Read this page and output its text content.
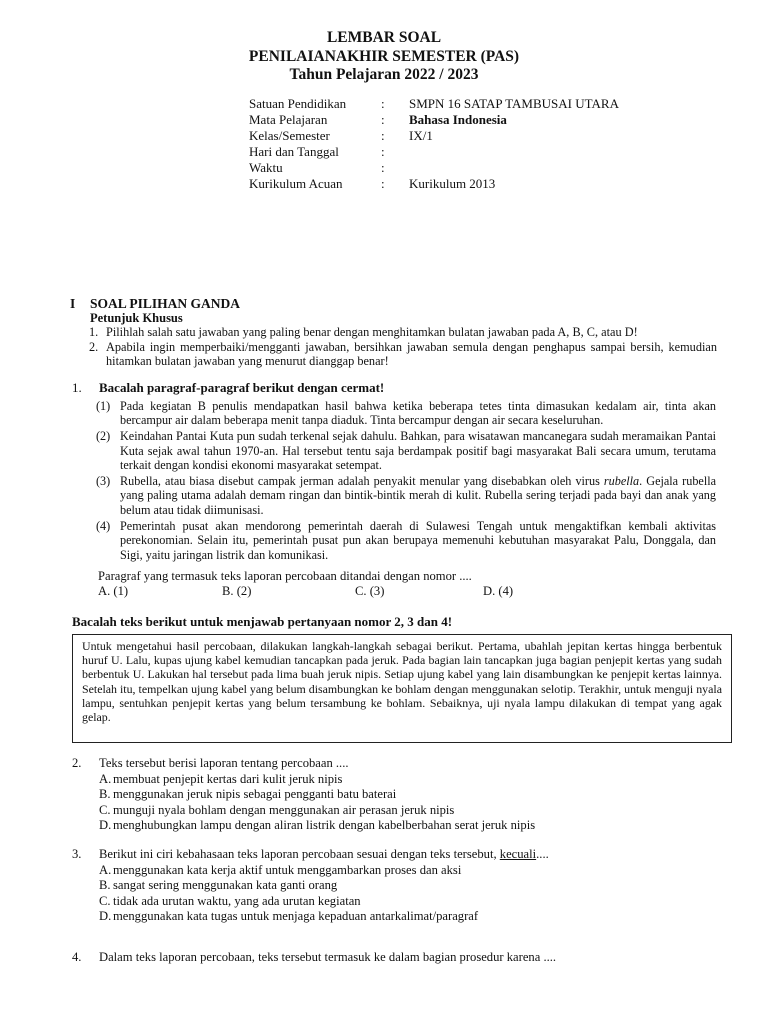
LEMBAR SOAL
PENILAIANAKHIR SEMESTER (PAS)
Tahun Pelajaran 2022 / 2023
Satuan Pendidikan	:	SMPN 16 SATAP TAMBUSAI UTARA
Mata Pelajaran	:	Bahasa Indonesia
Kelas/Semester	:	IX/1
Hari dan Tanggal	:
Waktu	:
Kurikulum Acuan	:	Kurikulum 2013
I SOAL PILIHAN GANDA
Petunjuk Khusus
1. Pilihlah salah satu jawaban yang paling benar dengan menghitamkan bulatan jawaban pada A, B, C, atau D!
2. Apabila ingin memperbaiki/mengganti jawaban, bersihkan jawaban semula dengan penghapus sampai bersih, kemudian hitamkan bulatan jawaban yang menurut dianggap benar!
1. Bacalah paragraf-paragraf berikut dengan cermat!
(1) Pada kegiatan B penulis mendapatkan hasil bahwa ketika beberapa tetes tinta dimasukan kedalam air, tinta akan bercampur air dalam beberapa menit tanpa diaduk. Tinta bercampur dengan air secara keseluruhan.
(2) Keindahan Pantai Kuta pun sudah terkenal sejak dahulu. Bahkan, para wisatawan mancanegara sudah meramaikan Pantai Kuta sejak awal tahun 1970-an. Hal tersebut tentu saja berdampak positif bagi masyarakat Bali secara umum, terutama terkait dengan kondisi ekonomi masyarakat setempat.
(3) Rubella, atau biasa disebut campak jerman adalah penyakit menular yang disebabkan oleh virus rubella. Gejala rubella yang paling utama adalah demam ringan dan bintik-bintik merah di kulit. Rubella sering terjadi pada bayi dan anak yang belum atau tidak diimunisasi.
(4) Pemerintah pusat akan mendorong pemerintah daerah di Sulawesi Tengah untuk mengaktifkan kembali aktivitas perekonomian. Selain itu, pemerintah pusat pun akan berupaya memenuhi kebutuhan masyarakat Palu, Donggala, dan Sigi, yaitu jaringan listrik dan komunikasi.
Paragraf yang termasuk teks laporan percobaan ditandai dengan nomor ....
A. (1)	B. (2)	C. (3)	D. (4)
Bacalah teks berikut untuk menjawab pertanyaan nomor 2, 3 dan 4!
Untuk mengetahui hasil percobaan, dilakukan langkah-langkah sebagai berikut. Pertama, ubahlah jepitan kertas hingga berbentuk huruf U. Lalu, kupas ujung kabel kemudian tancapkan pada jeruk. Pada bagian lain tancapkan juga bagian penjepit kertas yang sudah berbentuk U. Lakukan hal tersebut pada lima buah jeruk nipis. Setiap ujung kabel yang lain disambungkan ke penjepit kertas lainnya. Setelah itu, tempelkan ujung kabel yang belum disambungkan ke bohlam dengan menggunakan selotip. Terakhir, untuk menguji nyala lampu, sentuhkan penjepit kertas yang belum tersambung ke bohlam. Sebaiknya, uji nyala lampu dilakukan di tempat yang agak gelap.
2.	Teks tersebut berisi laporan tentang percobaan ....
A. membuat penjepit kertas dari kulit jeruk nipis
B. menggunakan jeruk nipis sebagai pengganti batu baterai
C. munguji nyala bohlam dengan menggunakan air perasan jeruk nipis
D. menghubungkan lampu dengan aliran listrik dengan kabelberbahan serat jeruk nipis
3.	Berikut ini ciri kebahasaan teks laporan percobaan sesuai dengan teks tersebut, kecuali....
A. menggunakan kata kerja aktif untuk menggambarkan proses dan aksi
B. sangat sering menggunakan kata ganti orang
C. tidak ada urutan waktu, yang ada urutan kegiatan
D. menggunakan kata tugas untuk menjaga kepaduan antarkalimat/paragraf
4.	Dalam teks laporan percobaan, teks tersebut termasuk ke dalam bagian prosedur karena ....
